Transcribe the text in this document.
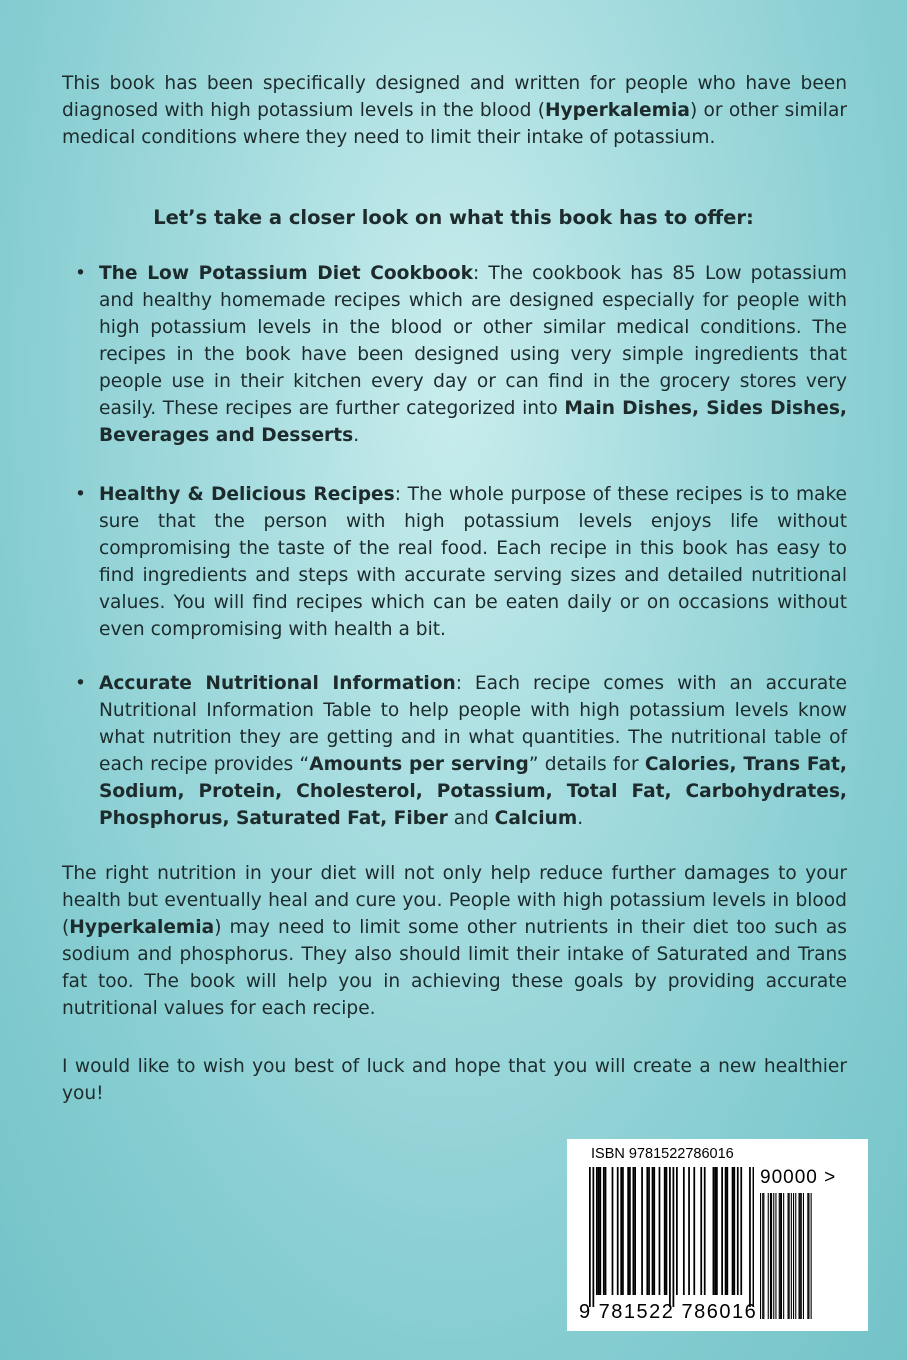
This book has been specifically designed and written for people who have been diagnosed with high potassium levels in the blood (Hyperkalemia) or other similar medical conditions where they need to limit their intake of potassium.

Let’s take a closer look on what this book has to offer:

• The Low Potassium Diet Cookbook: The cookbook has 85 Low potassium and healthy homemade recipes which are designed especially for people with high potassium levels in the blood or other similar medical conditions. The recipes in the book have been designed using very simple ingredients that people use in their kitchen every day or can find in the grocery stores very easily. These recipes are further categorized into Main Dishes, Sides Dishes, Beverages and Desserts.

• Healthy & Delicious Recipes: The whole purpose of these recipes is to make sure that the person with high potassium levels enjoys life without compromising the taste of the real food. Each recipe in this book has easy to find ingredients and steps with accurate serving sizes and detailed nutritional values. You will find recipes which can be eaten daily or on occasions without even compromising with health a bit.

• Accurate Nutritional Information: Each recipe comes with an accurate Nutritional Information Table to help people with high potassium levels know what nutrition they are getting and in what quantities. The nutritional table of each recipe provides “Amounts per serving” details for Calories, Trans Fat, Sodium, Protein, Cholesterol, Potassium, Total Fat, Carbohydrates, Phosphorus, Saturated Fat, Fiber and Calcium.

The right nutrition in your diet will not only help reduce further damages to your health but eventually heal and cure you. People with high potassium levels in blood (Hyperkalemia) may need to limit some other nutrients in their diet too such as sodium and phosphorus. They also should limit their intake of Saturated and Trans fat too. The book will help you in achieving these goals by providing accurate nutritional values for each recipe.

I would like to wish you best of luck and hope that you will create a new healthier you!

ISBN 9781522786016
90000 >
9 781522 786016
